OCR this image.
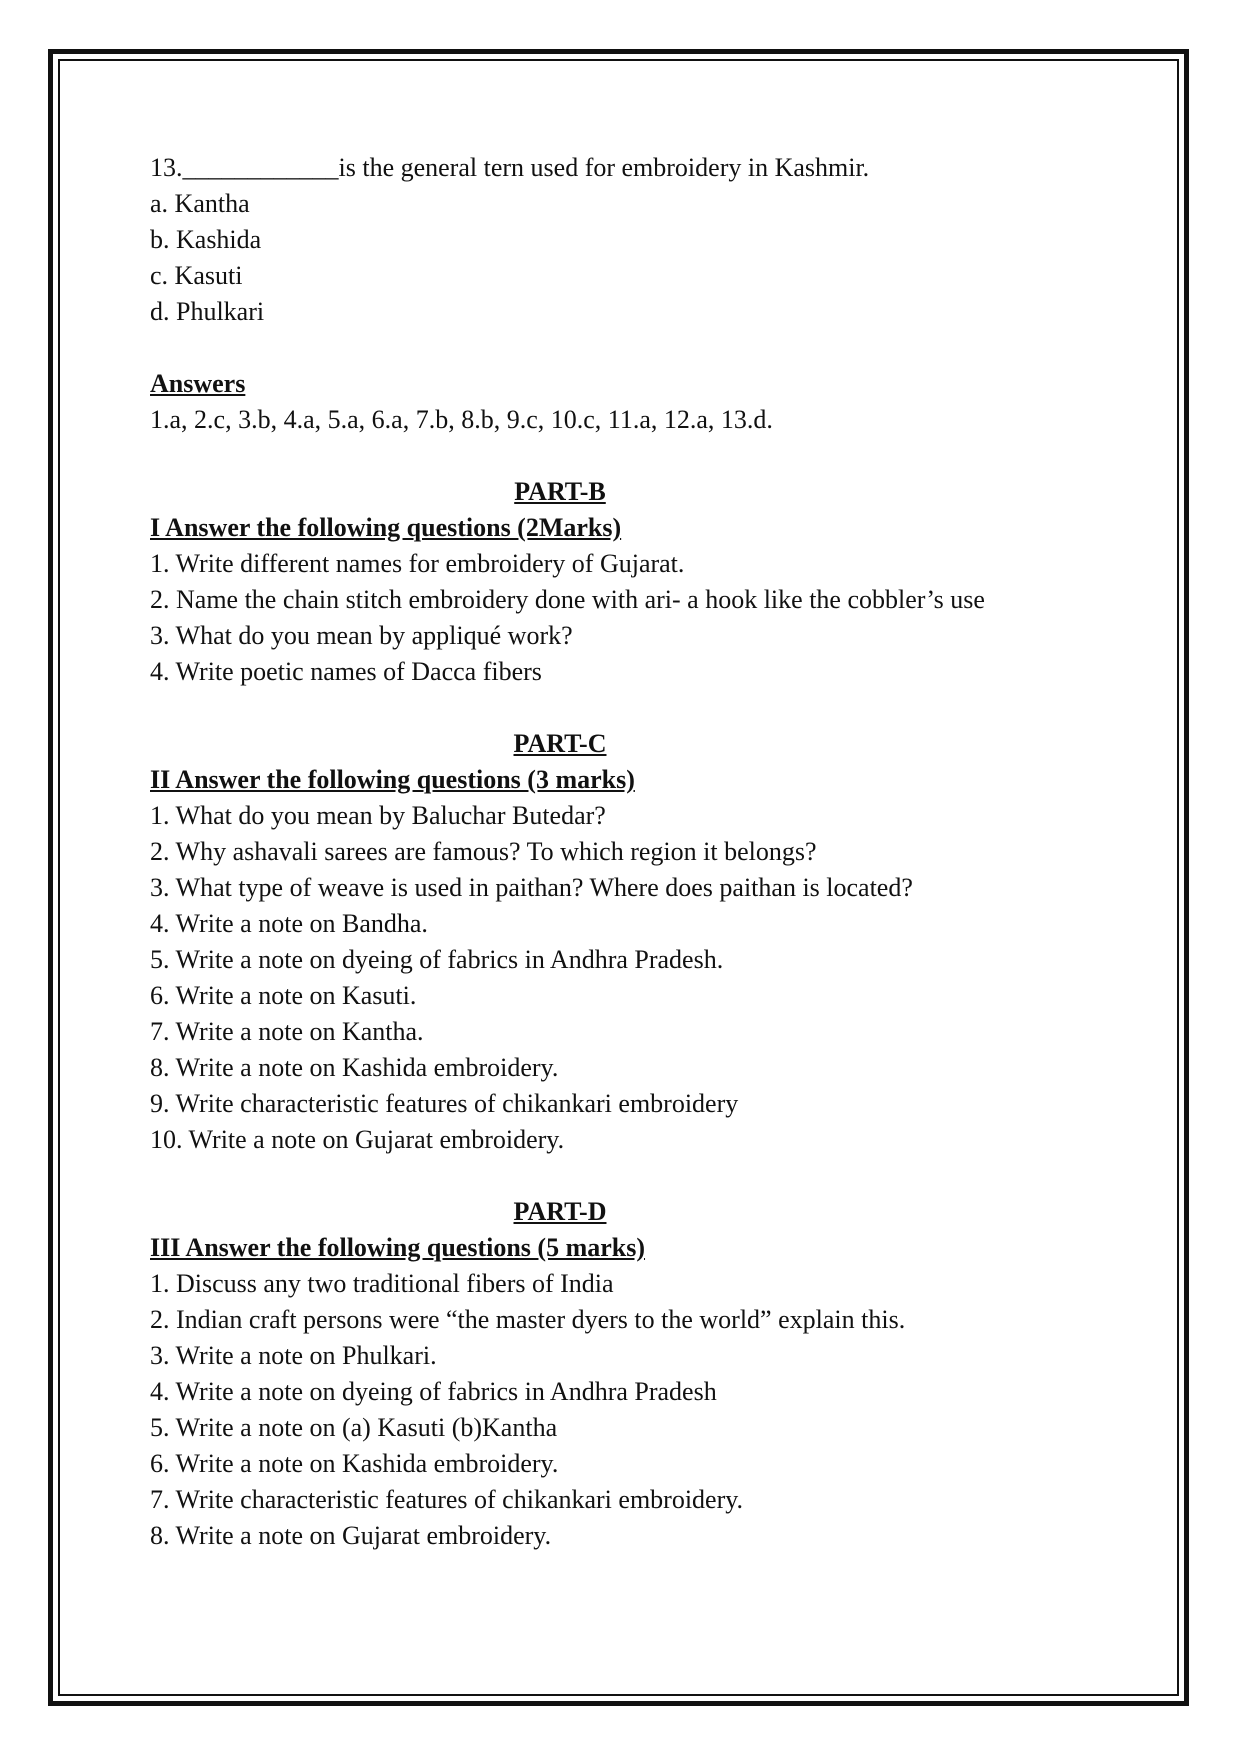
13.____________is the general tern used for embroidery in Kashmir.
a. Kantha
b. Kashida
c. Kasuti
d. Phulkari
Answers
1.a, 2.c, 3.b, 4.a, 5.a, 6.a, 7.b, 8.b, 9.c, 10.c, 11.a, 12.a, 13.d.
PART-B
I Answer the following questions (2Marks)
1. Write different names for embroidery of Gujarat.
2. Name the chain stitch embroidery done with ari- a hook like the cobbler’s use
3. What do you mean by appliqué work?
4. Write poetic names of Dacca fibers
PART-C
II Answer the following questions (3 marks)
1. What do you mean by Baluchar Butedar?
2. Why ashavali sarees are famous? To which region it belongs?
3. What type of weave is used in paithan? Where does paithan is located?
4. Write a note on Bandha.
5. Write a note on dyeing of fabrics in Andhra Pradesh.
6. Write a note on Kasuti.
7. Write a note on Kantha.
8. Write a note on Kashida embroidery.
9. Write characteristic features of chikankari embroidery
10. Write a note on Gujarat embroidery.
PART-D
III Answer the following questions (5 marks)
1. Discuss any two traditional fibers of India
2. Indian craft persons were “the master dyers to the world” explain this.
3. Write a note on Phulkari.
4. Write a note on dyeing of fabrics in Andhra Pradesh
5. Write a note on (a) Kasuti (b)Kantha
6. Write a note on Kashida embroidery.
7. Write characteristic features of chikankari embroidery.
8. Write a note on Gujarat embroidery.
